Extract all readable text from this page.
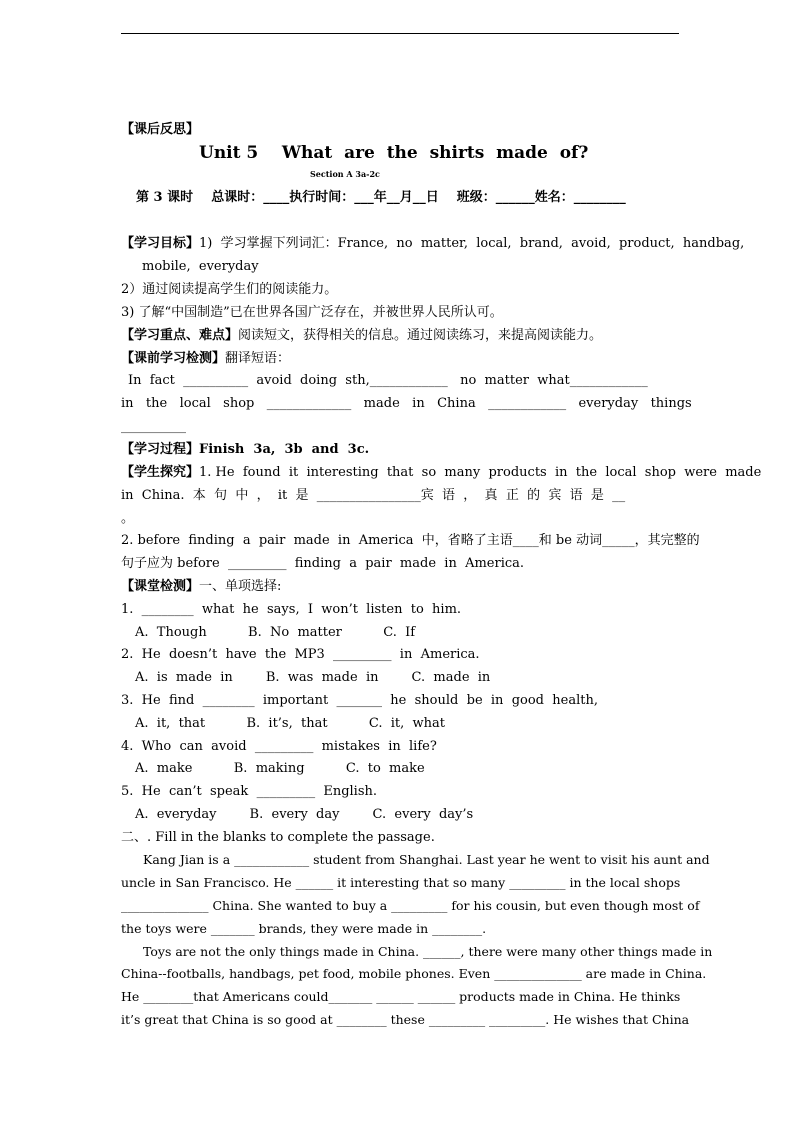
【课后反思】
Unit 5    What  are  the  shirts  made  of?
Section A 3a-2c
第 3 课时    总课时：____执行时间：___年__月__日    班级：______姓名：________
【学习目标】1)  学习掌握下列词汇：France,  no  matter,  local,  brand,  avoid,  product,  handbag,
mobile,  everyday
2）通过阅读提高学生们的阅读能力。
3) 了解“中国制造”已在世界各国广泛存在，并被世界人民所认可。
【学习重点、难点】阅读短文，获得相关的信息。通过阅读练习，来提高阅读能力。
【课前学习检测】翻译短语：
In  fact  __________  avoid  doing  sth,____________   no  matter  what____________
in   the   local   shop   _____________   made   in   China   ____________   everyday   things
__________
【学习过程】Finish  3a,  3b  and  3c.
【学生探究】1. He  found  it  interesting  that  so  many  products  in  the  local  shop  were  made
in  China.  本  句  中  ，  it  是  ________________宾  语  ，  真  正  的  宾  语  是  __
。
2. before  finding  a  pair  made  in  America  中，省略了主语____和 be 动词_____，其完整的
句子应为 before  _________  finding  a  pair  made  in  America.
【课堂检测】一、单项选择:
1.  ________  what  he  says,  I  won’t  listen  to  him.
A.  Though          B.  No  matter          C.  If
2.  He  doesn’t  have  the  MP3  _________  in  America.
A.  is  made  in        B.  was  made  in        C.  made  in
3.  He  find  ________  important  _______  he  should  be  in  good  health,
A.  it,  that          B.  it’s,  that          C.  it,  what
4.  Who  can  avoid  _________  mistakes  in  life?
A.  make          B.  making          C.  to  make
5.  He  can’t  speak  _________  English.
A.  everyday        B.  every  day        C.  every  day’s
二、. Fill in the blanks to complete the passage.
Kang Jian is a ____________ student from Shanghai. Last year he went to visit his aunt and
uncle in San Francisco. He ______ it interesting that so many _________ in the local shops
______________ China. She wanted to buy a _________ for his cousin, but even though most of
the toys were _______ brands, they were made in ________.
Toys are not the only things made in China. ______, there were many other things made in
China--footballs, handbags, pet food, mobile phones. Even ______________ are made in China.
He ________that Americans could_______ ______ ______ products made in China. He thinks
it’s great that China is so good at ________ these _________ _________. He wishes that China
